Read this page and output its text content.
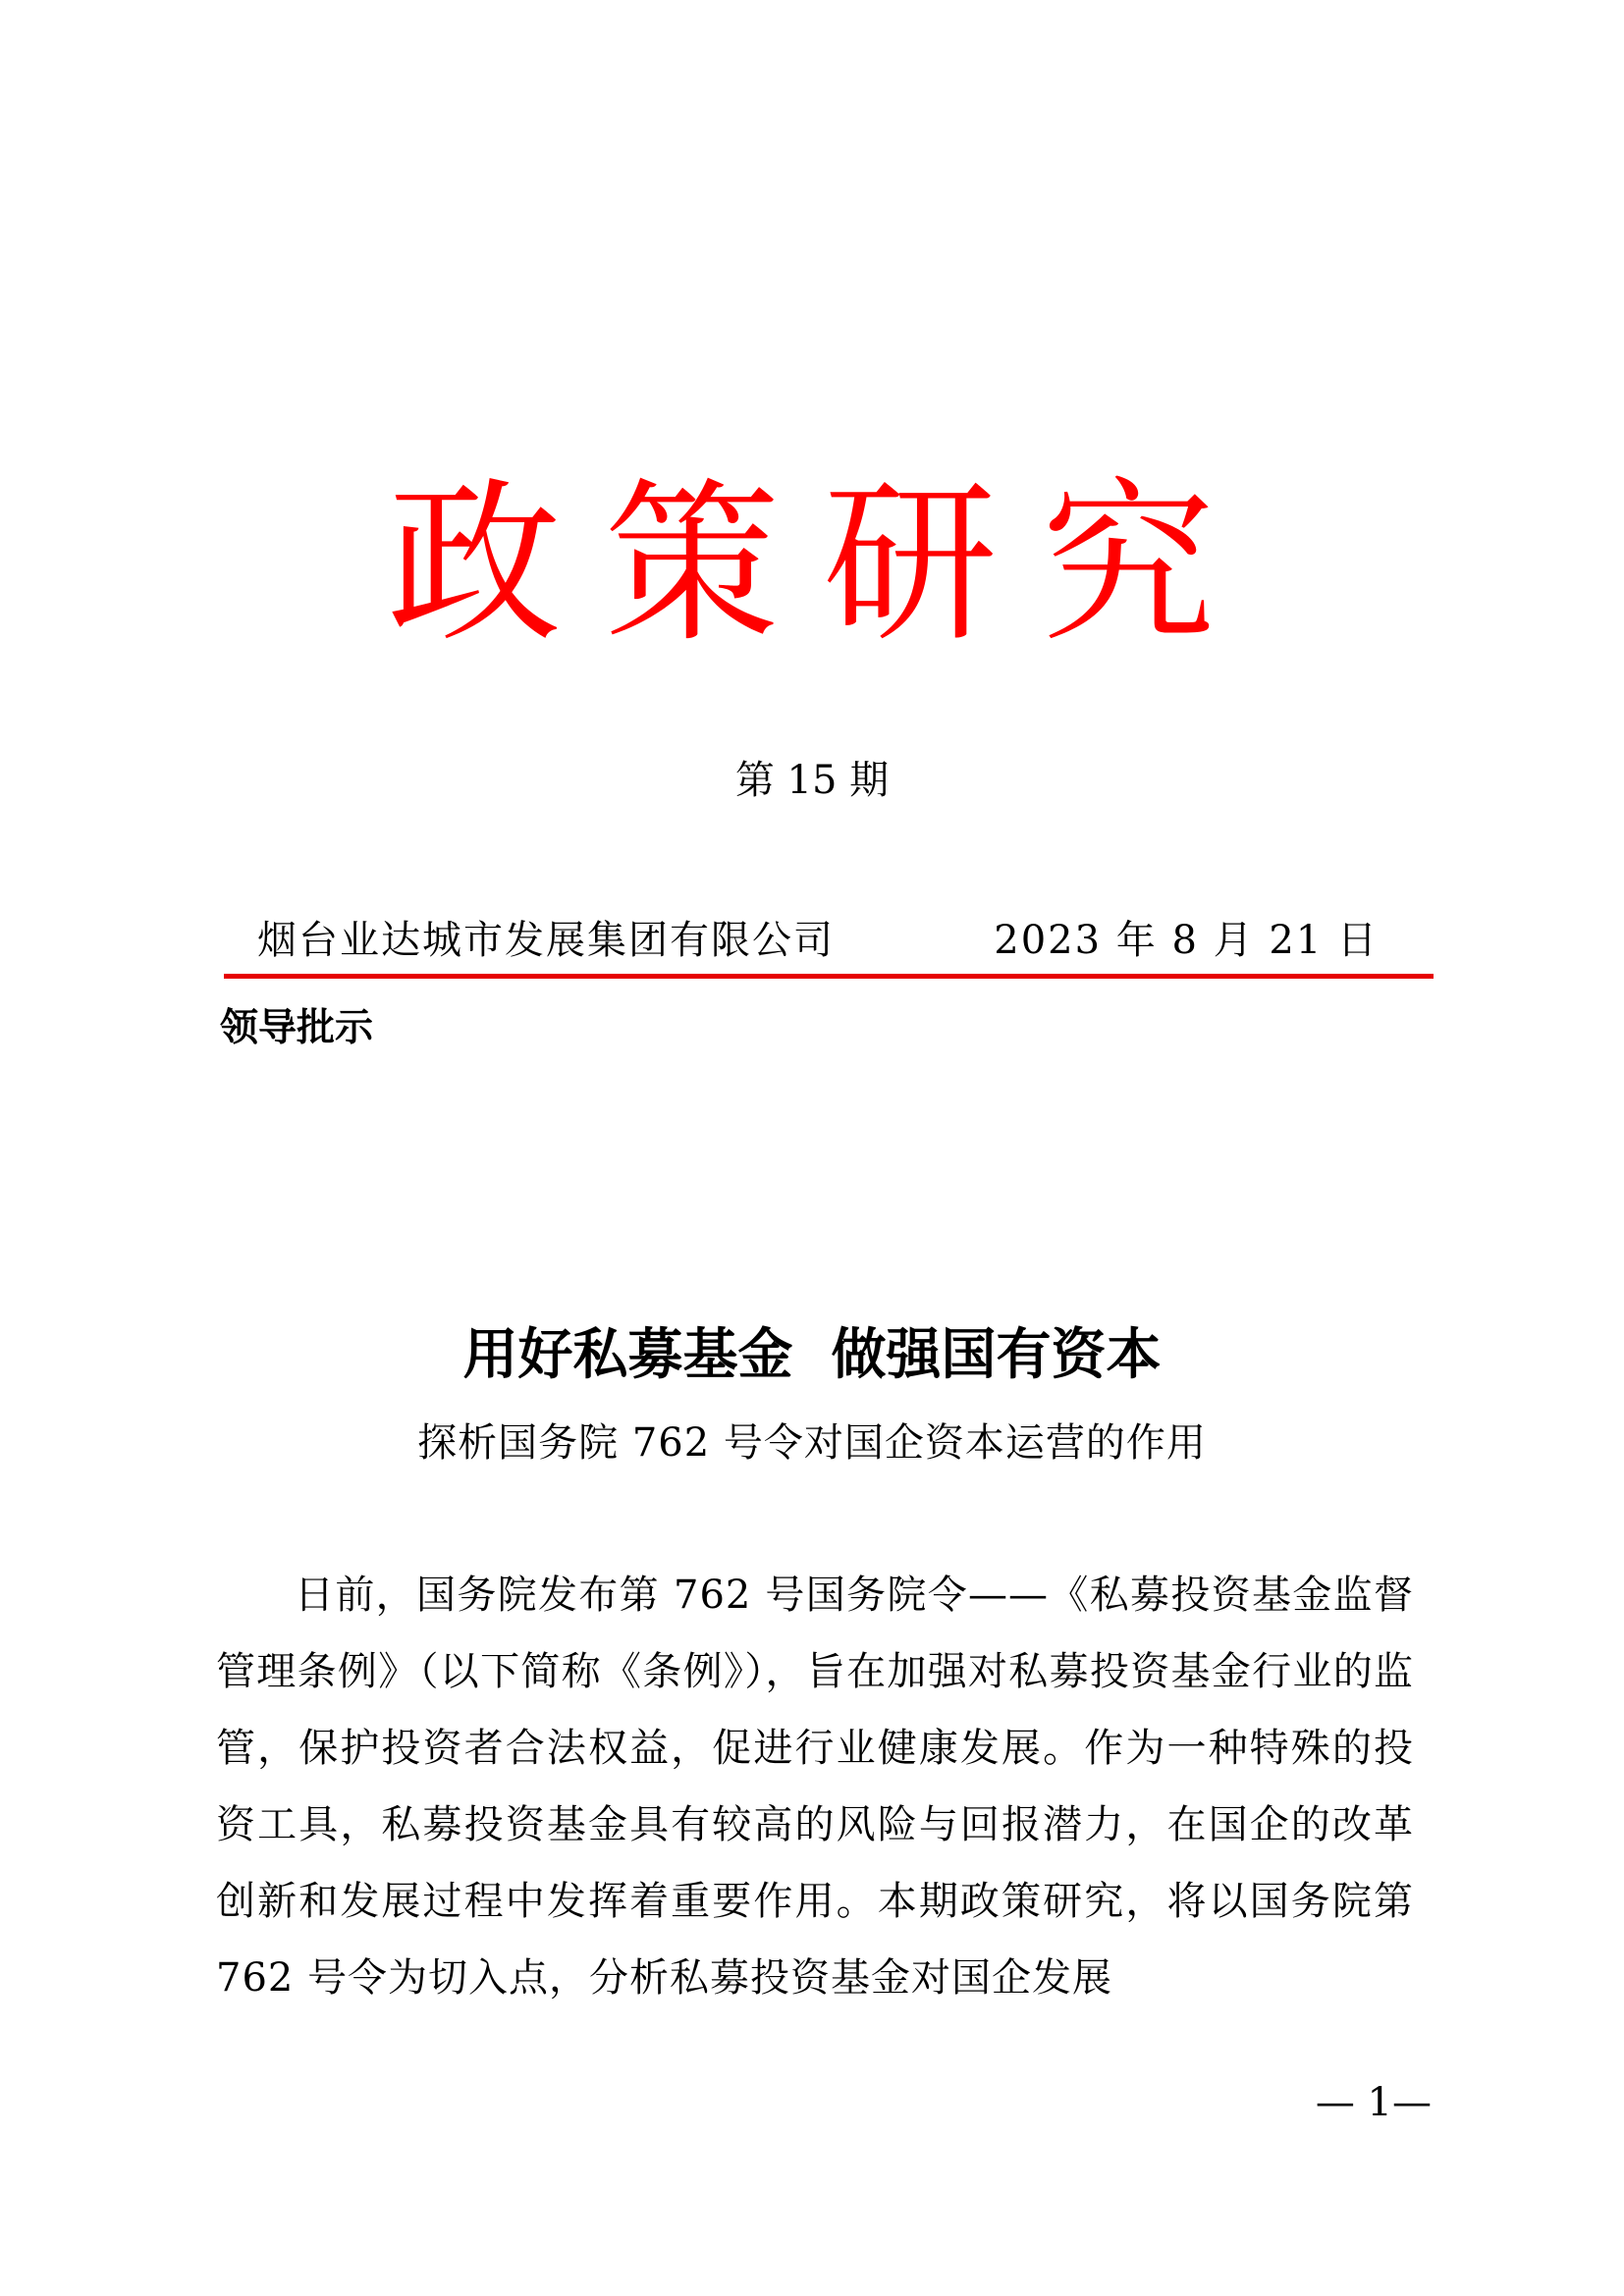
政策研究
第 15 期
烟台业达城市发展集团有限公司	2023 年 8 月 21 日
领导批示
用好私募基金  做强国有资本
探析国务院 762 号令对国企资本运营的作用

日前，国务院发布第 762 号国务院令——《私募投资基金监督管理条例》（以下简称《条例》），旨在加强对私募投资基金行业的监管，保护投资者合法权益，促进行业健康发展。作为一种特殊的投资工具，私募投资基金具有较高的风险与回报潜力，在国企的改革创新和发展过程中发挥着重要作用。本期政策研究，将以国务院第 762 号令为切入点，分析私募投资基金对国企发展

— 1—
